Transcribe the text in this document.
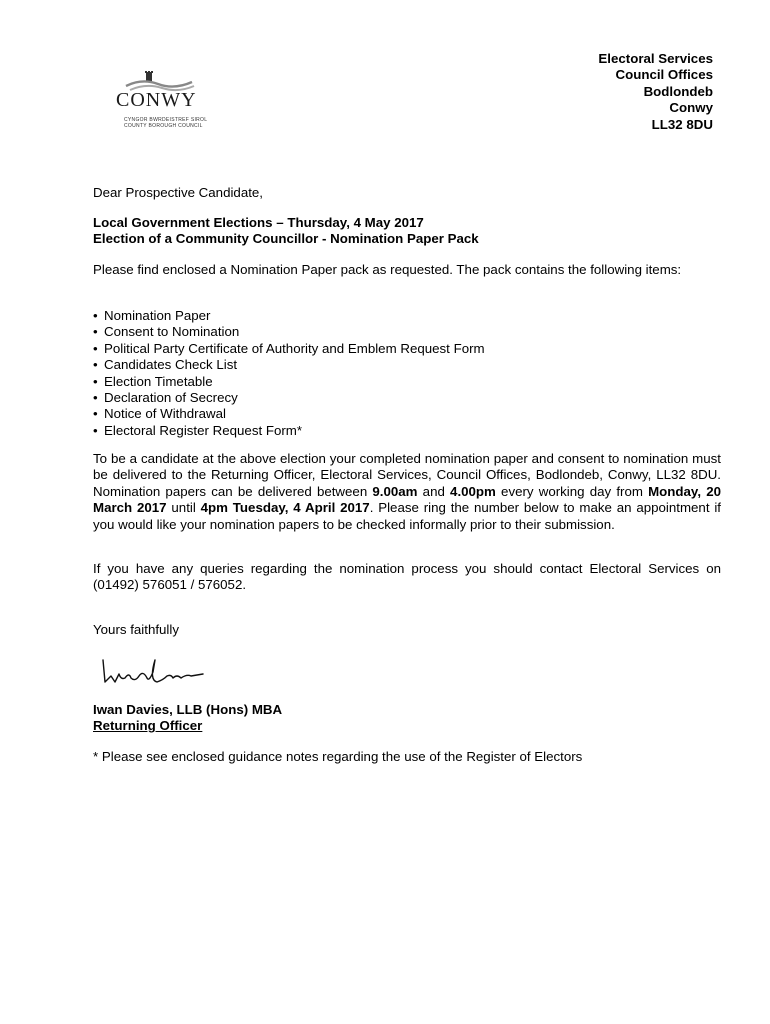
CONWY
CYNGOR BWRDEISTREF SIROL
COUNTY BOROUGH COUNCIL
Electoral Services
Council Offices
Bodlondeb
Conwy
LL32 8DU
Dear Prospective Candidate,
Local Government Elections – Thursday, 4 May 2017
Election of a Community Councillor - Nomination Paper Pack
Please find enclosed a Nomination Paper pack as requested. The pack contains the following items:
• Nomination Paper
• Consent to Nomination
• Political Party Certificate of Authority and Emblem Request Form
• Candidates Check List
• Election Timetable
• Declaration of Secrecy
• Notice of Withdrawal
• Electoral Register Request Form*
To be a candidate at the above election your completed nomination paper and consent to nomination must be delivered to the Returning Officer, Electoral Services, Council Offices, Bodlondeb, Conwy, LL32 8DU. Nomination papers can be delivered between 9.00am and 4.00pm every working day from Monday, 20 March 2017 until 4pm Tuesday, 4 April 2017. Please ring the number below to make an appointment if you would like your nomination papers to be checked informally prior to their submission.
If you have any queries regarding the nomination process you should contact Electoral Services on (01492) 576051 / 576052.
Yours faithfully
Iwan Davies, LLB (Hons) MBA
Returning Officer
* Please see enclosed guidance notes regarding the use of the Register of Electors
